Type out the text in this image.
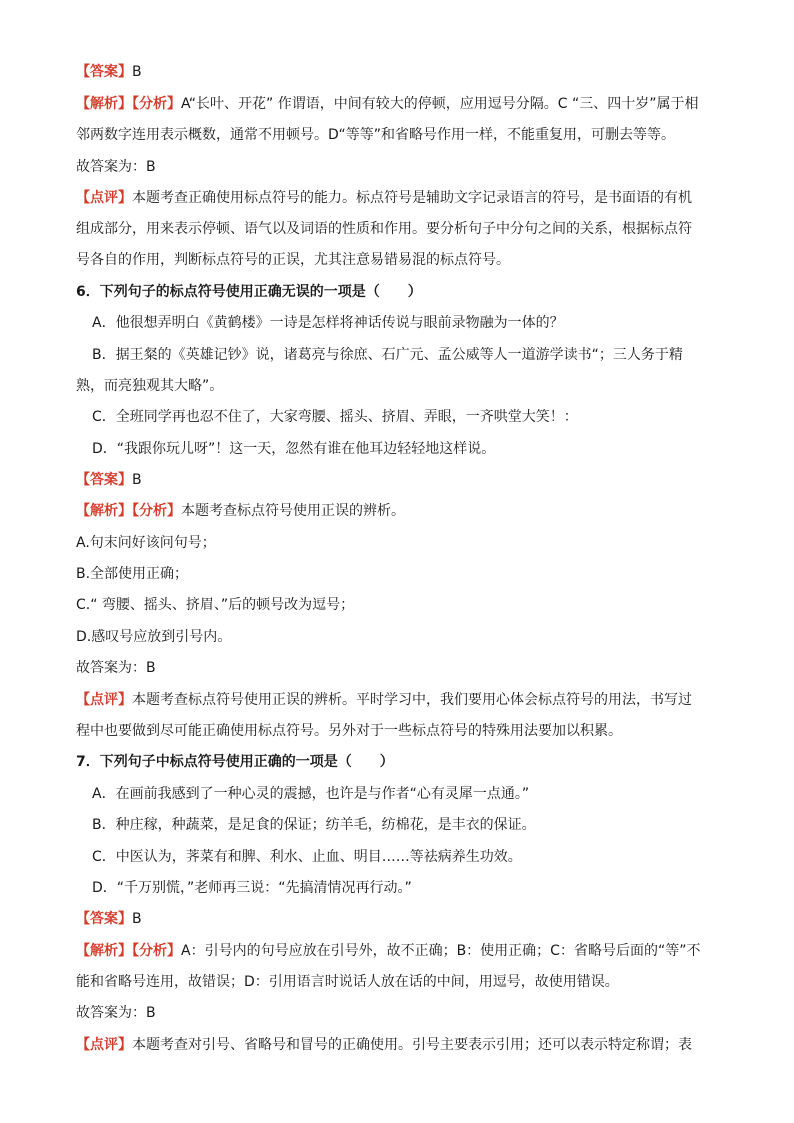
【答案】B
【解析】【分析】A“长叶、开花” 作谓语，中间有较大的停顿，应用逗号分隔。C “三、四十岁”属于相
邻两数字连用表示概数，通常不用顿号。D“等等”和省略号作用一样，不能重复用，可删去等等。
故答案为：B
【点评】本题考查正确使用标点符号的能力。标点符号是辅助文字记录语言的符号，是书面语的有机
组成部分，用来表示停顿、语气以及词语的性质和作用。要分析句子中分句之间的关系，根据标点符
号各自的作用，判断标点符号的正误，尤其注意易错易混的标点符号。
6．下列句子的标点符号使用正确无误的一项是（　　）
A．他很想弄明白《黄鹤楼》一诗是怎样将神话传说与眼前录物融为一体的？
B．据王粲的《英雄记钞》说，诸葛亮与徐庶、石广元、孟公威等人一道游学读书“；三人务于精
熟，而亮独观其大略”。
C．全班同学再也忍不住了，大家弯腰、摇头、挤眉、弄眼，一齐哄堂大笑！：
D．“我跟你玩儿呀”！这一天，忽然有谁在他耳边轻轻地这样说。
【答案】B
【解析】【分析】本题考查标点符号使用正误的辨析。
A.句末问好该问句号；
B.全部使用正确；
C.“ 弯腰、摇头、挤眉、”后的顿号改为逗号；
D.感叹号应放到引号内。
故答案为：B
【点评】本题考查标点符号使用正误的辨析。平时学习中，我们要用心体会标点符号的用法，书写过
程中也要做到尽可能正确使用标点符号。另外对于一些标点符号的特殊用法要加以积累。
7．下列句子中标点符号使用正确的一项是（　　）
A．在画前我感到了一种心灵的震撼，也许是与作者“心有灵犀一点通。”
B．种庄稼，种蔬菜，是足食的保证；纺羊毛，纺棉花，是丰衣的保证。
C．中医认为，荠菜有和脾、利水、止血、明目……等祛病养生功效。
D．“千万别慌，”老师再三说：“先搞清情况再行动。”
【答案】B
【解析】【分析】A：引号内的句号应放在引号外，故不正确；B：使用正确；C：省略号后面的“等”不
能和省略号连用，故错误；D：引用语言时说话人放在话的中间，用逗号，故使用错误。
故答案为：B
【点评】本题考查对引号、省略号和冒号的正确使用。引号主要表示引用；还可以表示特定称谓；表
